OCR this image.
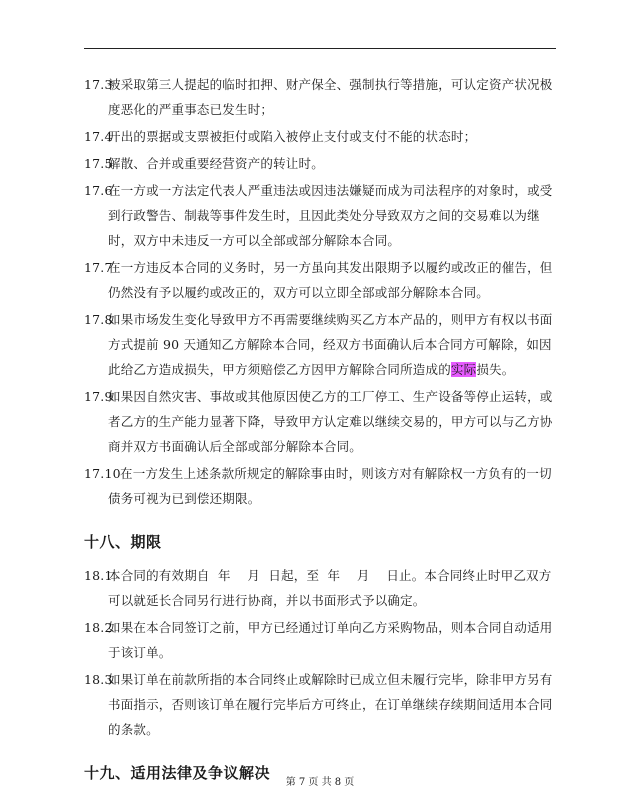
17.3
被采取第三人提起的临时扣押、财产保全、强制执行等措施，可认定资产状况极
度恶化的严重事态已发生时；
17.4
开出的票据或支票被拒付或陷入被停止支付或支付不能的状态时；
17.5
解散、合并或重要经营资产的转让时。
17.6
在一方或一方法定代表人严重违法或因违法嫌疑而成为司法程序的对象时，或受
到行政警告、制裁等事件发生时，且因此类处分导致双方之间的交易难以为继
时，双方中未违反一方可以全部或部分解除本合同。
17.7
在一方违反本合同的义务时，另一方虽向其发出限期予以履约或改正的催告，但
仍然没有予以履约或改正的，双方可以立即全部或部分解除本合同。
17.8
如果市场发生变化导致甲方不再需要继续购买乙方本产品的，则甲方有权以书面
方式提前 90 天通知乙方解除本合同，经双方书面确认后本合同方可解除，如因
此给乙方造成损失，甲方须赔偿乙方因甲方解除合同所造成的实际损失。
17.9
如果因自然灾害、事故或其他原因使乙方的工厂停工、生产设备等停止运转，或
者乙方的生产能力显著下降，导致甲方认定难以继续交易的，甲方可以与乙方协
商并双方书面确认后全部或部分解除本合同。
17.10 在一方发生上述条款所规定的解除事由时，则该方对有解除权一方负有的一切
债务可视为已到偿还期限。
十八、期限
18.1
本合同的有效期自  年    月  日起，至  年    月    日止。本合同终止时甲乙双方
可以就延长合同另行进行协商，并以书面形式予以确定。
18.2
如果在本合同签订之前，甲方已经通过订单向乙方采购物品，则本合同自动适用
于该订单。
18.3
如果订单在前款所指的本合同终止或解除时已成立但未履行完毕，除非甲方另有
书面指示，否则该订单在履行完毕后方可终止，在订单继续存续期间适用本合同
的条款。
十九、适用法律及争议解决
第 7 页 共 8 页
